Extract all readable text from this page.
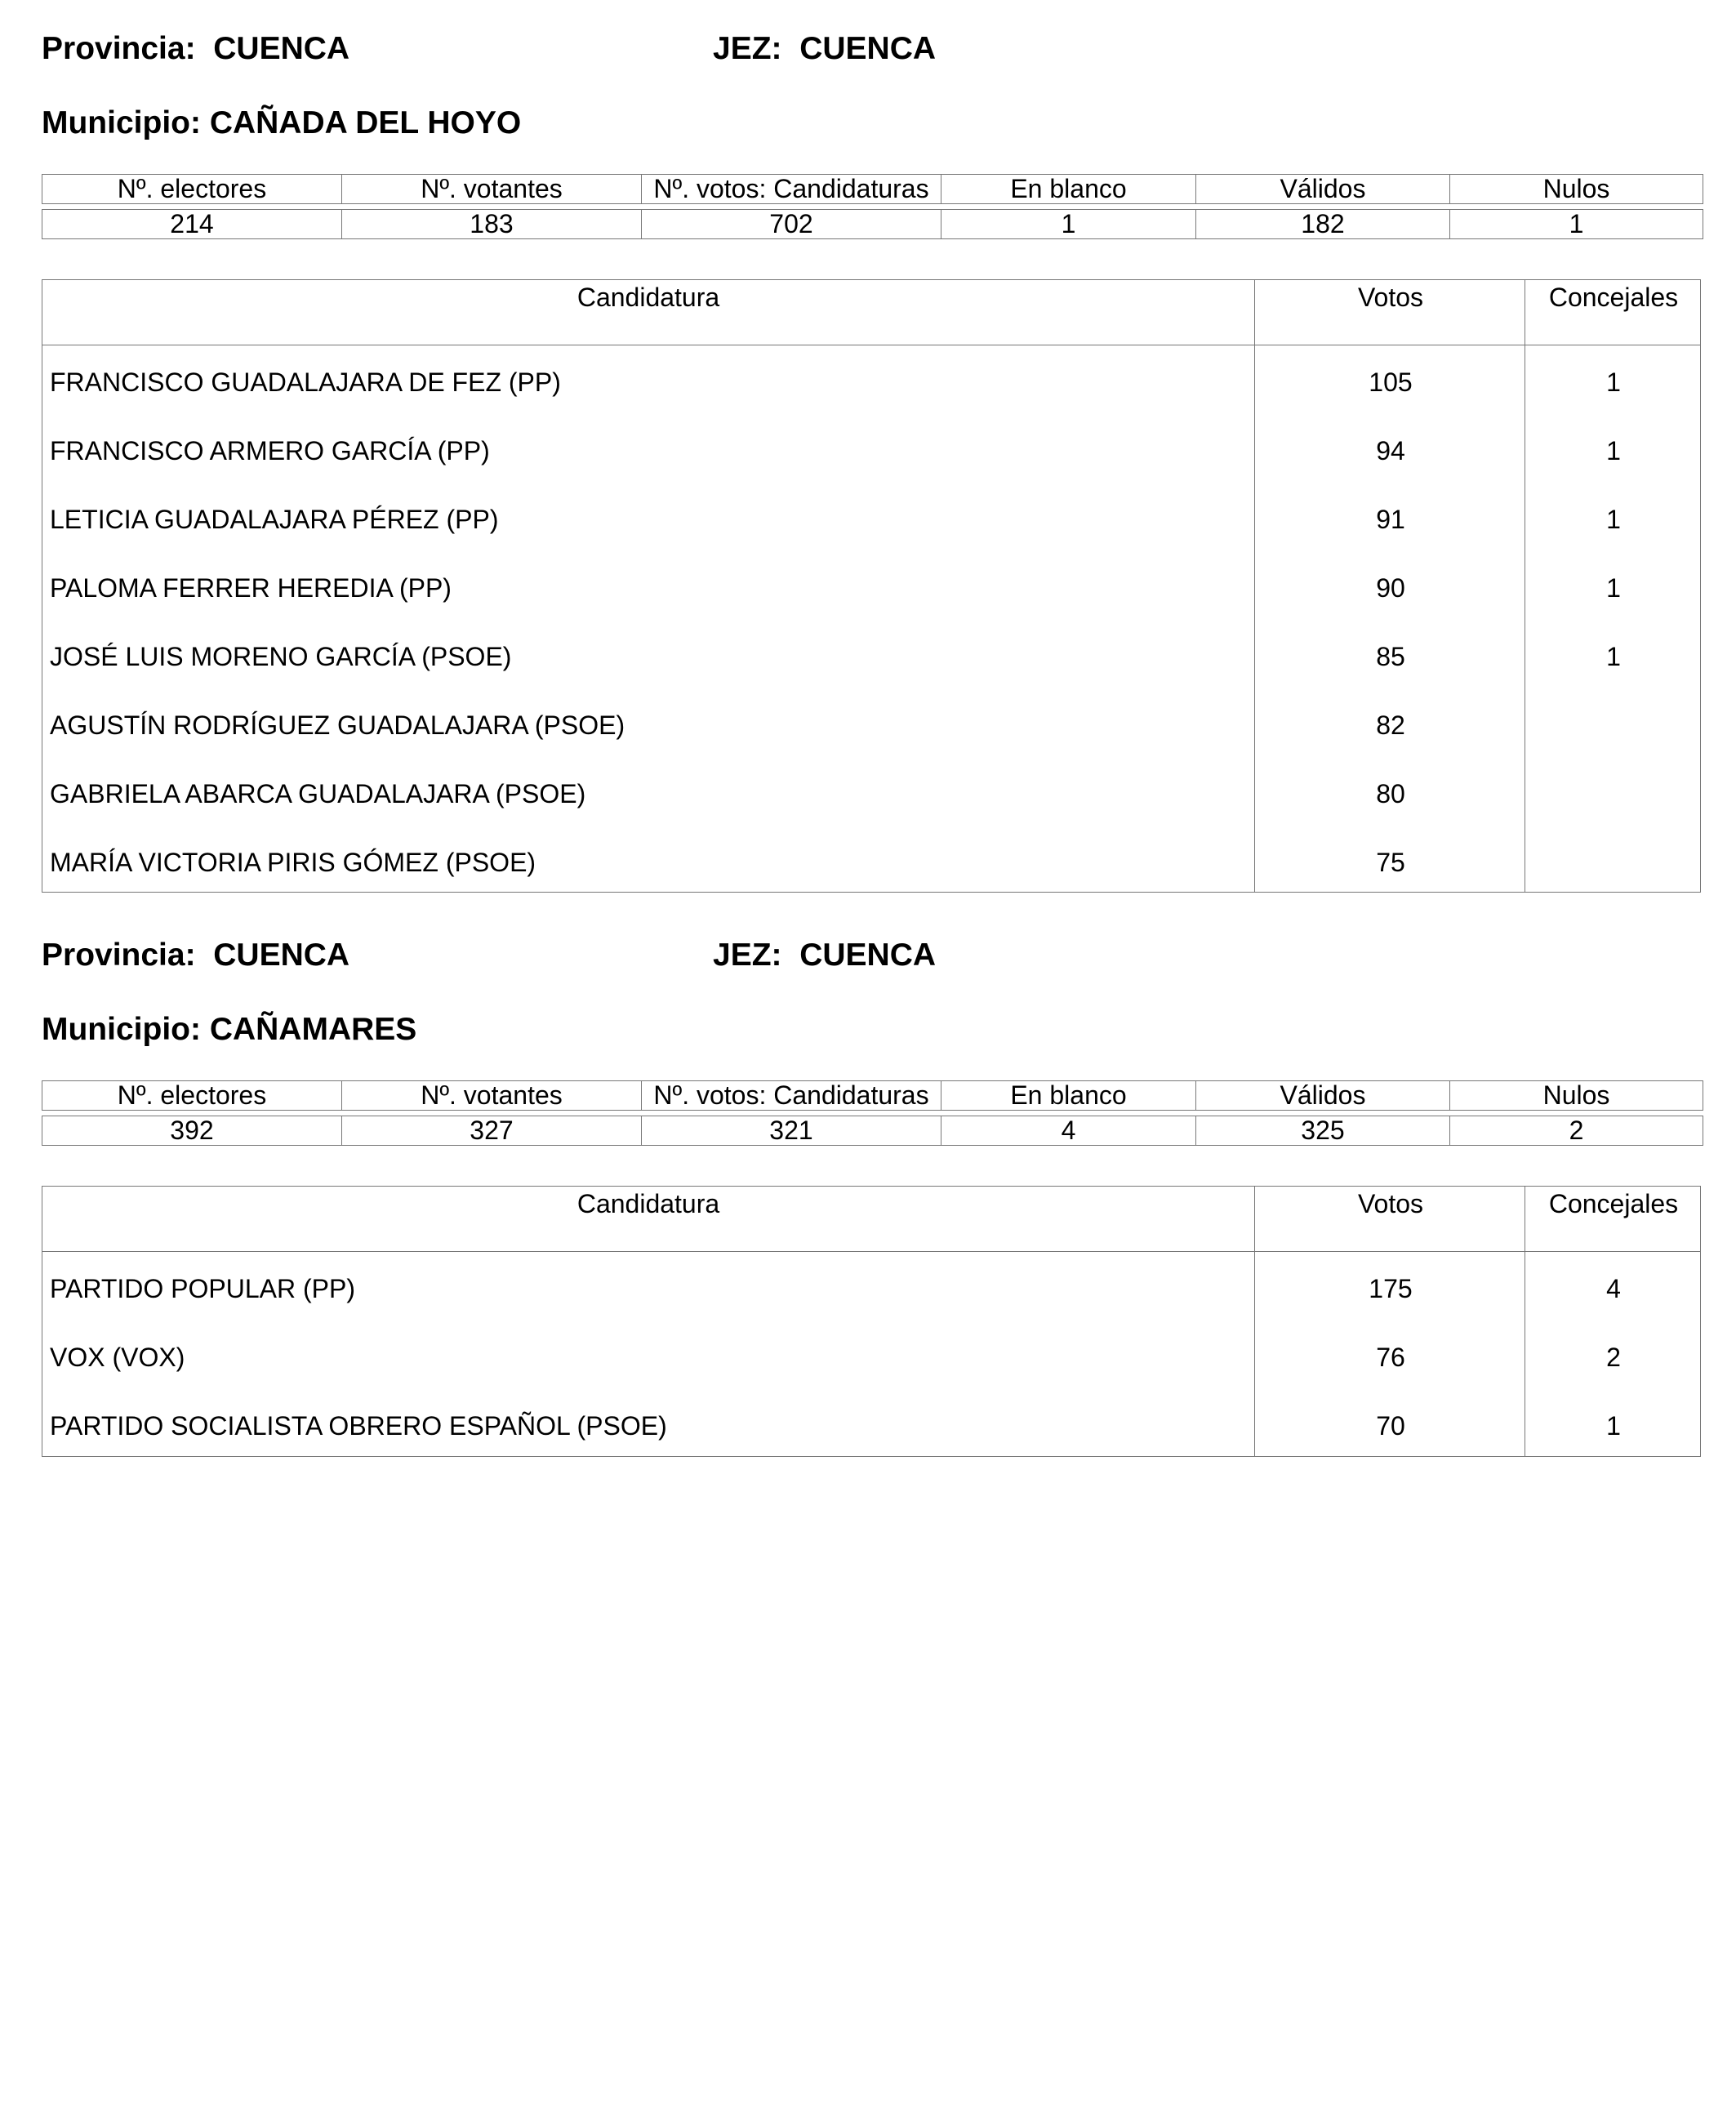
Provincia: CUENCA	JEZ: CUENCA
Municipio: CAÑADA DEL HOYO
Nº. electores	Nº. votantes	Nº. votos: Candidaturas	En blanco	Válidos	Nulos

214	183	702	1	182	1
Candidatura	Votos	Concejales
FRANCISCO GUADALAJARA DE FEZ (PP)	105	1
FRANCISCO ARMERO GARCÍA (PP)	94	1
LETICIA GUADALAJARA PÉREZ (PP)	91	1
PALOMA FERRER HEREDIA (PP)	90	1
JOSÉ LUIS MORENO GARCÍA (PSOE)	85	1
AGUSTÍN RODRÍGUEZ GUADALAJARA (PSOE)	82
GABRIELA ABARCA GUADALAJARA (PSOE)	80
MARÍA VICTORIA PIRIS GÓMEZ (PSOE)	75
Provincia: CUENCA	JEZ: CUENCA
Municipio: CAÑAMARES
Nº. electores	Nº. votantes	Nº. votos: Candidaturas	En blanco	Válidos	Nulos

392	327	321	4	325	2
Candidatura	Votos	Concejales
PARTIDO POPULAR (PP)	175	4
VOX (VOX)	76	2
PARTIDO SOCIALISTA OBRERO ESPAÑOL (PSOE)	70	1
